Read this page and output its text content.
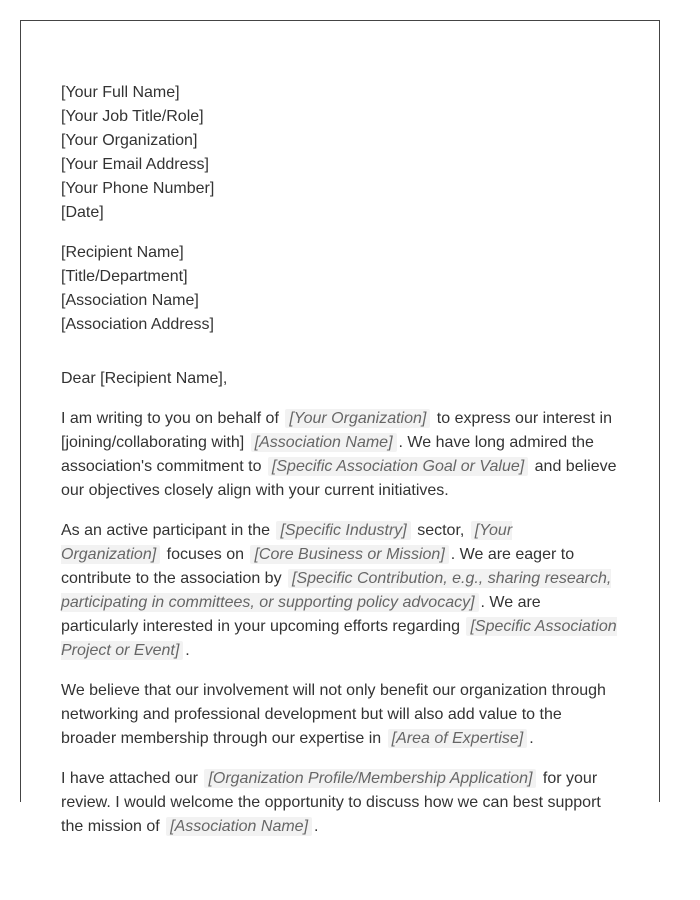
[Your Full Name]
[Your Job Title/Role]
[Your Organization]
[Your Email Address]
[Your Phone Number]
[Date]
[Recipient Name]
[Title/Department]
[Association Name]
[Association Address]

Dear [Recipient Name],

I am writing to you on behalf of [Your Organization] to express our interest in [joining/collaborating with] [Association Name] . We have long admired the association's commitment to [Specific Association Goal or Value] and believe our objectives closely align with your current initiatives.

As an active participant in the [Specific Industry] sector, [Your Organization] focuses on [Core Business or Mission] . We are eager to contribute to the association by [Specific Contribution, e.g., sharing research, participating in committees, or supporting policy advocacy] . We are particularly interested in your upcoming efforts regarding [Specific Association Project or Event] .

We believe that our involvement will not only benefit our organization through networking and professional development but will also add value to the broader membership through our expertise in [Area of Expertise] .

I have attached our [Organization Profile/Membership Application] for your review. I would welcome the opportunity to discuss how we can best support the mission of [Association Name] .
